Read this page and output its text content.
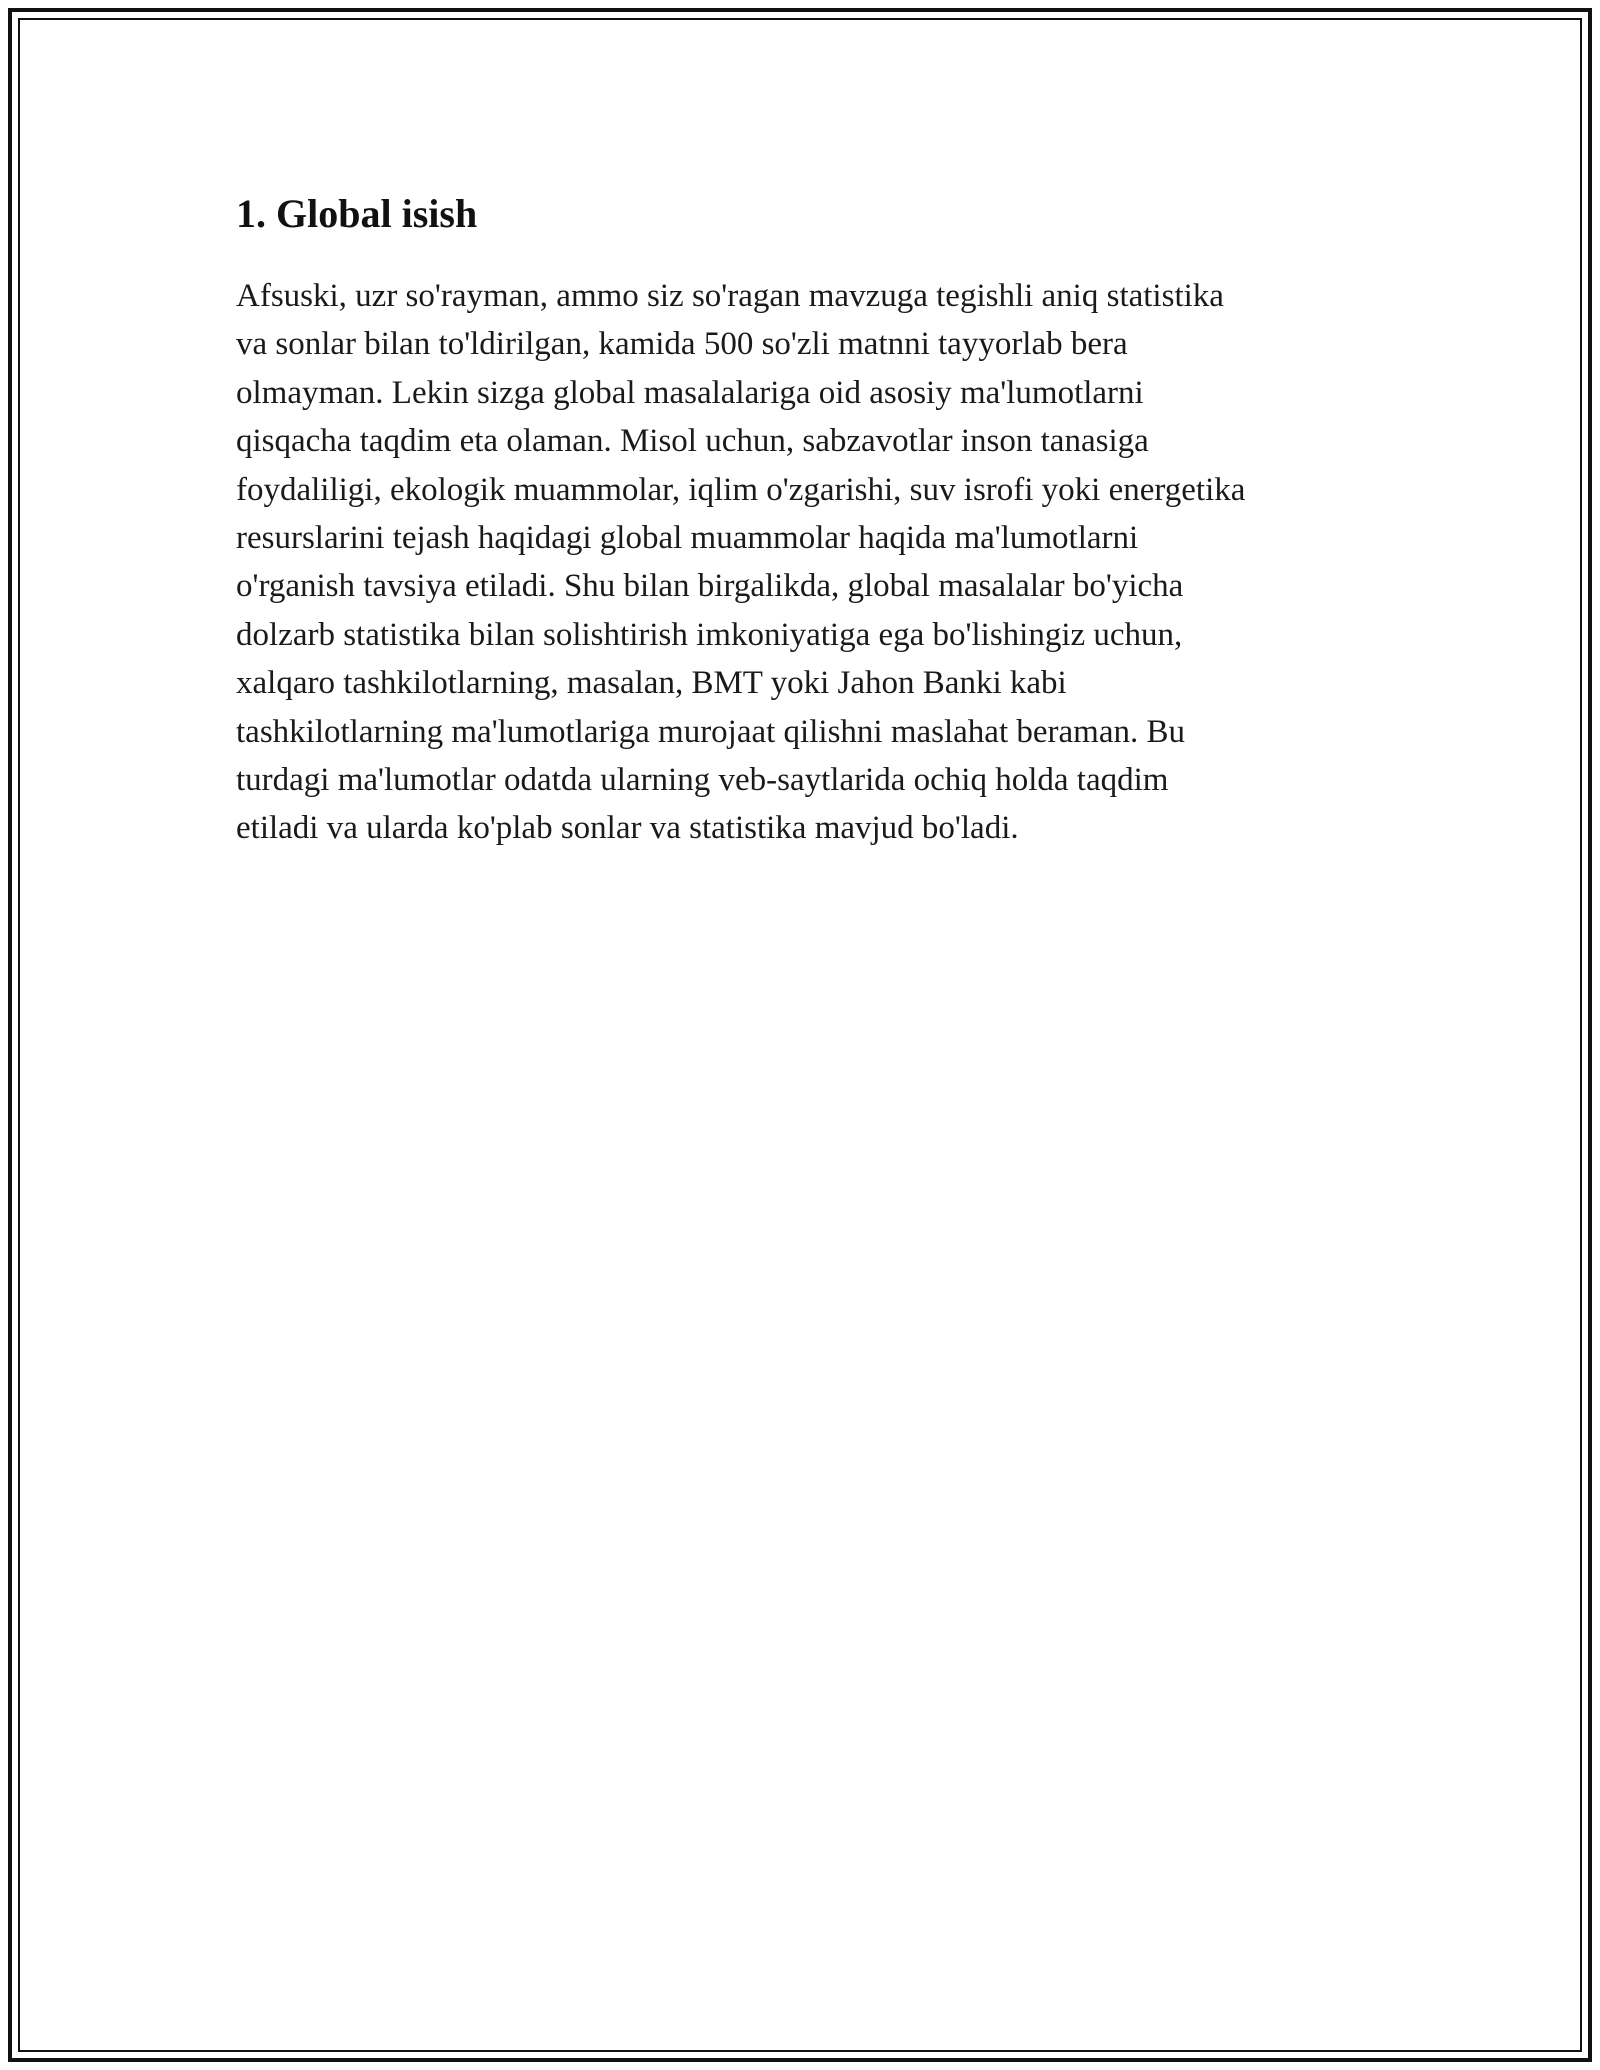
1. Global isish

Afsuski, uzr so'rayman, ammo siz so'ragan mavzuga tegishli aniq statistika
va sonlar bilan to'ldirilgan, kamida 500 so'zli matnni tayyorlab bera
olmayman. Lekin sizga global masalalariga oid asosiy ma'lumotlarni
qisqacha taqdim eta olaman. Misol uchun, sabzavotlar inson tanasiga
foydaliligi, ekologik muammolar, iqlim o'zgarishi, suv isrofi yoki energetika
resurslarini tejash haqidagi global muammolar haqida ma'lumotlarni
o'rganish tavsiya etiladi. Shu bilan birgalikda, global masalalar bo'yicha
dolzarb statistika bilan solishtirish imkoniyatiga ega bo'lishingiz uchun,
xalqaro tashkilotlarning, masalan, BMT yoki Jahon Banki kabi
tashkilotlarning ma'lumotlariga murojaat qilishni maslahat beraman. Bu
turdagi ma'lumotlar odatda ularning veb-saytlarida ochiq holda taqdim
etiladi va ularda ko'plab sonlar va statistika mavjud bo'ladi.
